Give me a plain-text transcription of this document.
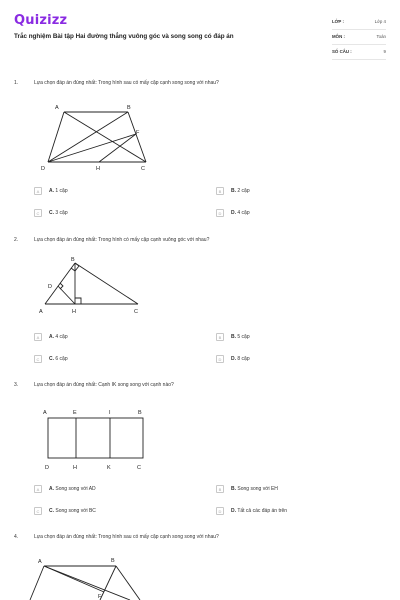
Quizizz
Trắc nghiệm Bài tập Hai đường thẳng vuông góc và song song có đáp án
LỚP :	Lớp 4
MÔN :	Toán
SỐ CÂU :	9
1.	Lựa chọn đáp án đúng nhất: Trong hình sau có mấy cặp cạnh song song với nhau?
A	B
F
D	H	C
A	A. 1 cặp	B	B. 2 cặp
C	C. 3 cặp	D	D. 4 cặp
2.	Lựa chọn đáp án đúng nhất: Trong hình có mấy cặp cạnh vuông góc với nhau?
B
D
A	H	C
A	A. 4 cặp	B	B. 5 cặp
C	C. 6 cặp	D	D. 8 cặp
3.	Lựa chọn đáp án đúng nhất: Cạnh IK song song với cạnh nào?
A	E	I	B
D	H	K	C
A	A. Song song với AD	B	B. Song song với EH
C	C. Song song với BC	D	D. Tất cả các đáp án trên
4.	Lựa chọn đáp án đúng nhất: Trong hình sau có mấy cặp cạnh song song với nhau?
A	B
F
